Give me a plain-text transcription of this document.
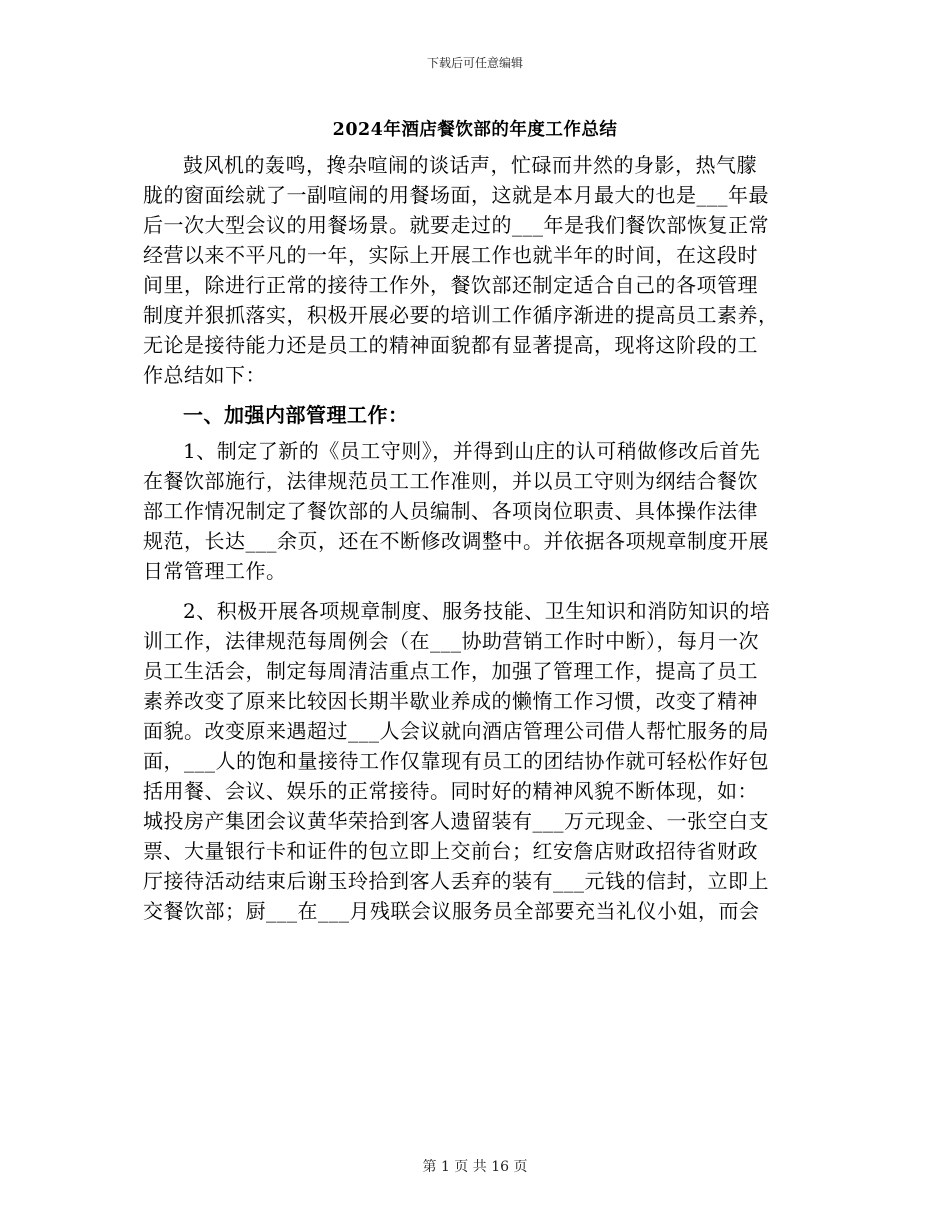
下载后可任意编辑
2024年酒店餐饮部的年度工作总结
鼓风机的轰鸣，搀杂喧闹的谈话声，忙碌而井然的身影，热气朦
胧的窗面绘就了一副喧闹的用餐场面，这就是本月最大的也是___年最
后一次大型会议的用餐场景。就要走过的___年是我们餐饮部恢复正常
经营以来不平凡的一年，实际上开展工作也就半年的时间，在这段时
间里，除进行正常的接待工作外，餐饮部还制定适合自己的各项管理
制度并狠抓落实，积极开展必要的培训工作循序渐进的提高员工素养，
无论是接待能力还是员工的精神面貌都有显著提高，现将这阶段的工
作总结如下：
一、加强内部管理工作：
1、制定了新的《员工守则》，并得到山庄的认可稍做修改后首先
在餐饮部施行，法律规范员工工作准则，并以员工守则为纲结合餐饮
部工作情况制定了餐饮部的人员编制、各项岗位职责、具体操作法律
规范，长达___余页，还在不断修改调整中。并依据各项规章制度开展
日常管理工作。
2、积极开展各项规章制度、服务技能、卫生知识和消防知识的培
训工作，法律规范每周例会（在___协助营销工作时中断），每月一次
员工生活会，制定每周清洁重点工作，加强了管理工作，提高了员工
素养改变了原来比较因长期半歇业养成的懒惰工作习惯，改变了精神
面貌。改变原来遇超过___人会议就向酒店管理公司借人帮忙服务的局
面，___人的饱和量接待工作仅靠现有员工的团结协作就可轻松作好包
括用餐、会议、娱乐的正常接待。同时好的精神风貌不断体现，如：
城投房产集团会议黄华荣拾到客人遗留装有___万元现金、一张空白支
票、大量银行卡和证件的包立即上交前台；红安詹店财政招待省财政
厅接待活动结束后谢玉玲拾到客人丢弃的装有___元钱的信封，立即上
交餐饮部；厨___在___月残联会议服务员全部要充当礼仪小姐，而会
第 1 页 共 16 页
